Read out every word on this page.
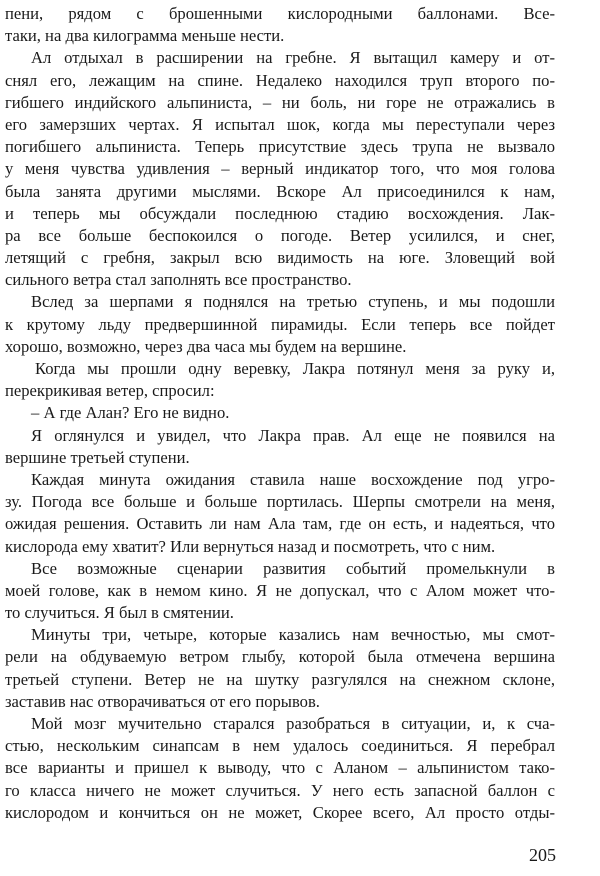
пени, рядом с брошенными кислородными баллонами. Все-
таки, на два килограмма меньше нести.
Ал отдыхал в расширении на гребне. Я вытащил камеру и от-
снял его, лежащим на спине. Недалеко находился труп второго по-
гибшего индийского альпиниста, – ни боль, ни горе не отражались в
его замерзших чертах. Я испытал шок, когда мы переступали через
погибшего альпиниста. Теперь присутствие здесь трупа не вызвало
у меня чувства удивления – верный индикатор того, что моя голова
была занята другими мыслями. Вскоре Ал присоединился к нам,
и теперь мы обсуждали последнюю стадию восхождения. Лак-
ра все больше беспокоился о погоде. Ветер усилился, и снег,
летящий с гребня, закрыл всю видимость на юге. Зловещий вой
сильного ветра стал заполнять все пространство.
Вслед за шерпами я поднялся на третью ступень, и мы подошли
к крутому льду предвершинной пирамиды. Если теперь все пойдет
хорошо, возможно, через два часа мы будем на вершине.
Когда мы прошли одну веревку, Лакра потянул меня за руку и,
перекрикивая ветер, спросил:
– А где Алан? Его не видно.
Я оглянулся и увидел, что Лакра прав. Ал еще не появился на
вершине третьей ступени.
Каждая минута ожидания ставила наше восхождение под угро-
зу. Погода все больше и больше портилась. Шерпы смотрели на меня,
ожидая решения. Оставить ли нам Ала там, где он есть, и надеяться, что
кислорода ему хватит? Или вернуться назад и посмотреть, что с ним.
Все возможные сценарии развития событий промелькнули в
моей голове, как в немом кино. Я не допускал, что с Алом может что-
то случиться. Я был в смятении.
Минуты три, четыре, которые казались нам вечностью, мы смот-
рели на обдуваемую ветром глыбу, которой была отмечена вершина
третьей ступени. Ветер не на шутку разгулялся на снежном склоне,
заставив нас отворачиваться от его порывов.
Мой мозг мучительно старался разобраться в ситуации, и, к сча-
стью, нескольким синапсам в нем удалось соединиться. Я перебрал
все варианты и пришел к выводу, что с Аланом – альпинистом тако-
го класса ничего не может случиться. У него есть запасной баллон с
кислородом и кончиться он не может, Скорее всего, Ал просто отды-
205
